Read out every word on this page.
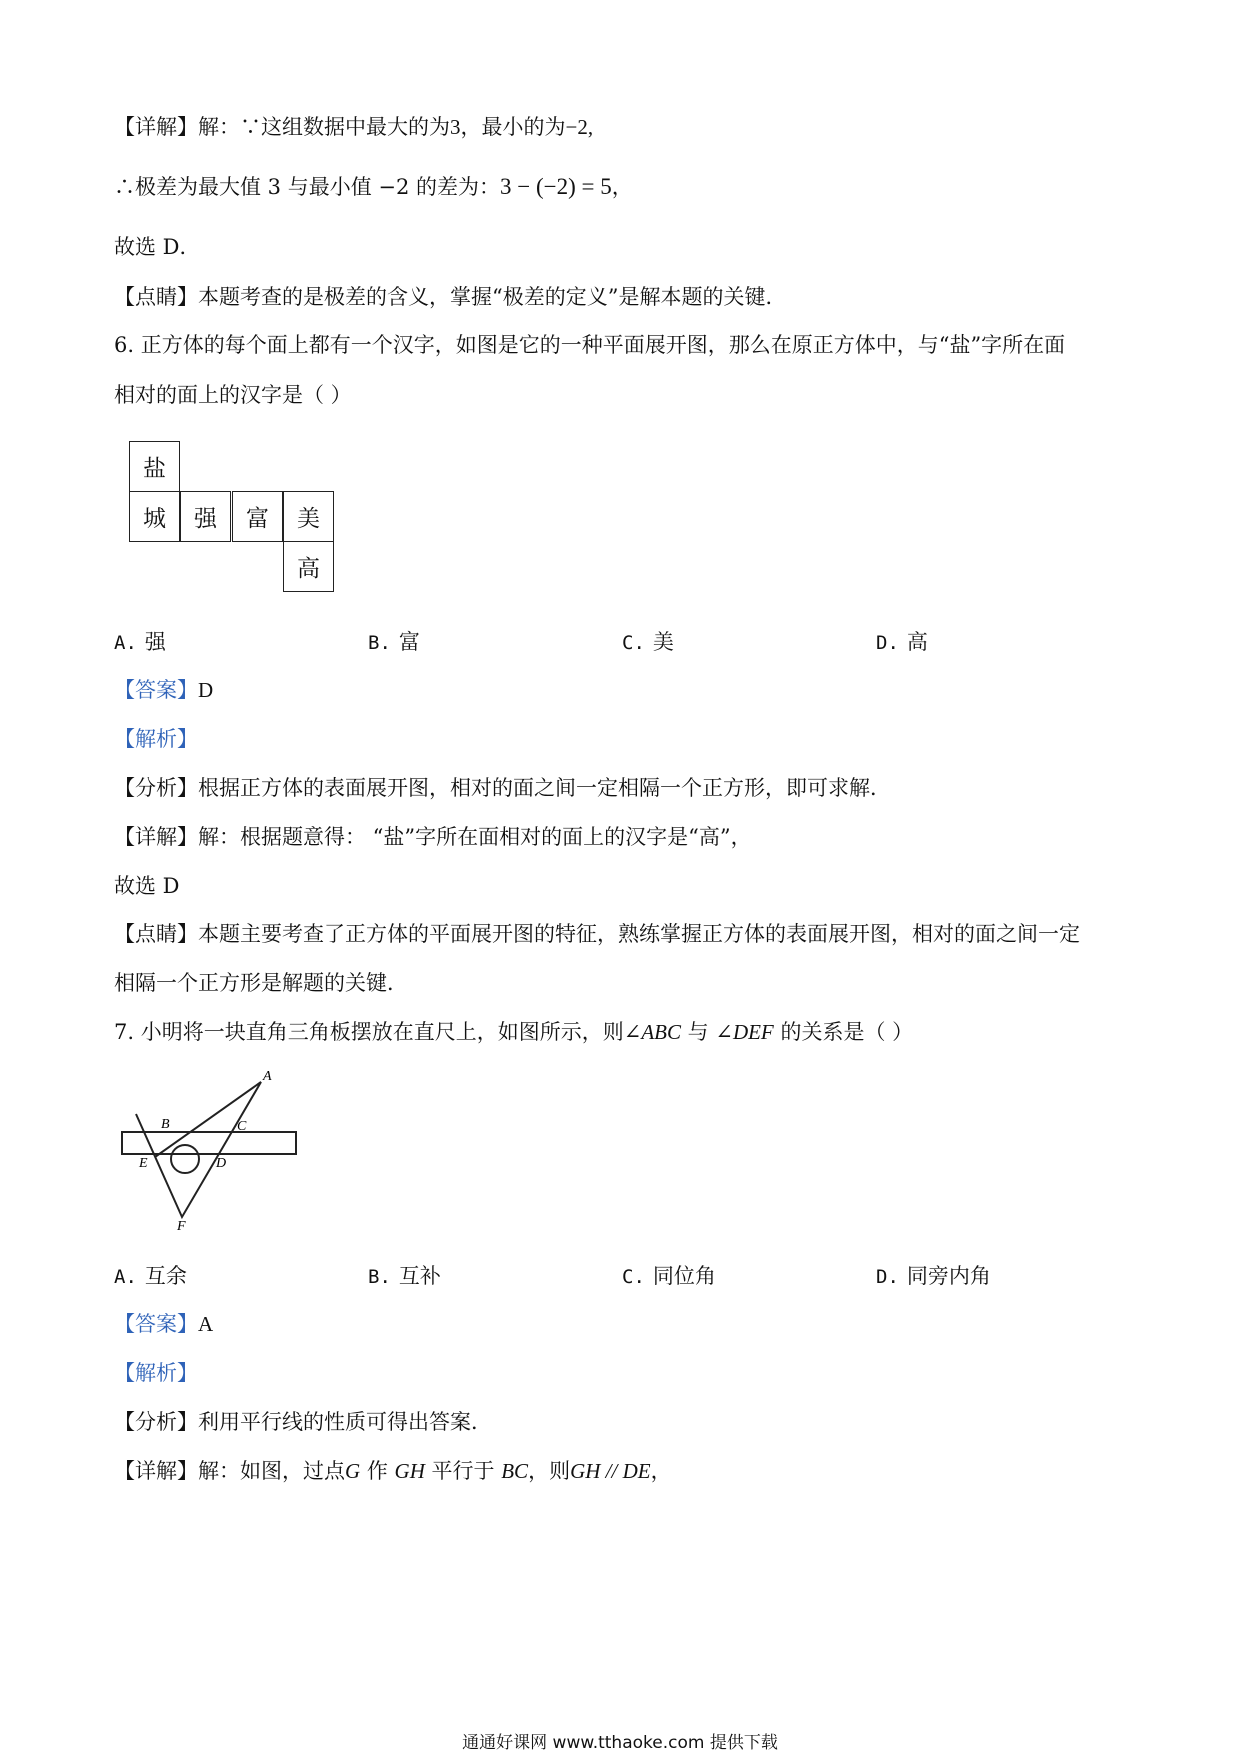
【详解】解：∵这组数据中最大的为3，最小的为−2,
∴极差为最大值 3 与最小值 −2 的差为：3 − (−2) = 5，
故选 D．
【点睛】本题考查的是极差的含义，掌握“极差的定义”是解本题的关键．
6. 正方体的每个面上都有一个汉字，如图是它的一种平面展开图，那么在原正方体中，与“盐”字所在面
相对的面上的汉字是（ ）
盐
城	强	富	美
高
A. 强	B. 富	C. 美	D. 高
【答案】D
【解析】
【分析】根据正方体的表面展开图，相对的面之间一定相隔一个正方形，即可求解．
【详解】解：根据题意得： “盐”字所在面相对的面上的汉字是“高”，
故选 D
【点睛】本题主要考查了正方体的平面展开图的特征，熟练掌握正方体的表面展开图，相对的面之间一定
相隔一个正方形是解题的关键．
7. 小明将一块直角三角板摆放在直尺上，如图所示，则∠ABC 与 ∠DEF 的关系是（ ）
A
B	C
D
E
F
A. 互余	B. 互补	C. 同位角	D. 同旁内角
【答案】A
【解析】
【分析】利用平行线的性质可得出答案．
【详解】解：如图，过点G 作 GH 平行于 BC，则GH // DE，
通通好课网 www.tthaoke.com 提供下载
